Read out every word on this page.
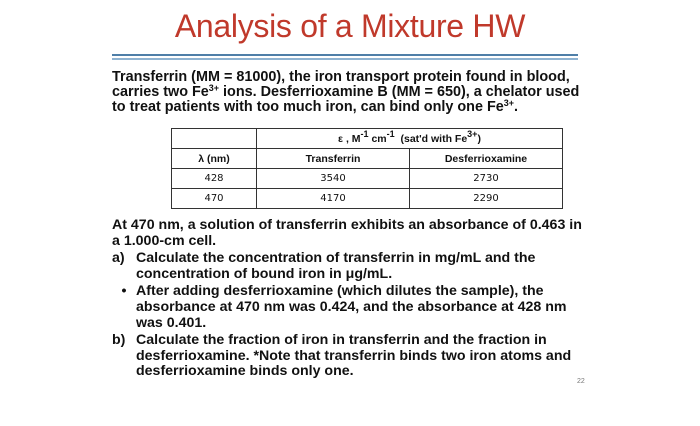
Analysis of a Mixture HW
Transferrin (MM = 81000), the iron transport protein found in blood, carries two $Fe^{3+}$ ions. Desferrioxamine B (MM = 650), a chelator used to treat patients with too much iron, can bind only one $Fe^{3+}$.
	ε , $M^{-1}$ $cm^{-1}$  (sat'd with $Fe^{3+}$)	
λ (nm)	Transferrin	Desferrioxamine
428	3540	2730
470	4170	2290

At 470 nm, a solution of transferrin exhibits an absorbance of 0.463 in a 1.000-cm cell.

a) Calculate the concentration of transferrin in mg/mL and the concentration of bound iron in μg/mL.
• After adding desferrioxamine (which dilutes the sample), the absorbance at 470 nm was 0.424, and the absorbance at 428 nm was 0.401.
b) Calculate the fraction of iron in transferrin and the fraction in desferrioxamine. *Note that transferrin binds two iron atoms and desferrioxamine binds only one.
22
